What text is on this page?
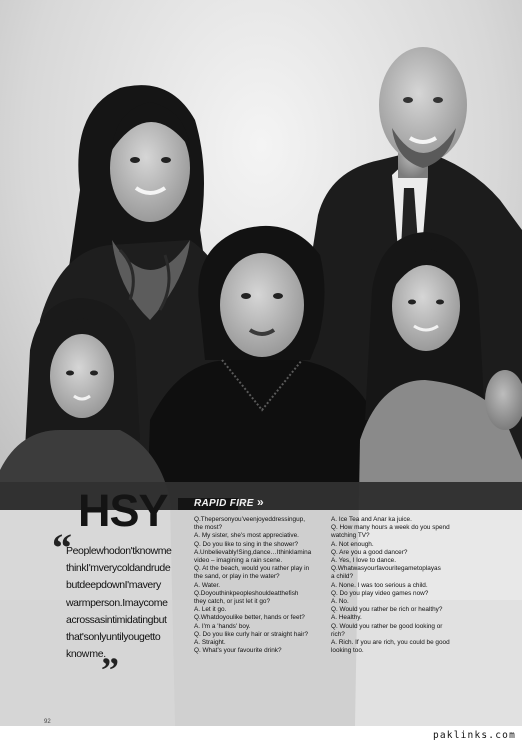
HSY	RAPID FIRE »
“
Peoplewhodon'tknowme
thinkI'mverycoldandrude
butdeepdownI'mavery
warmperson.Imaycome
acrossasintimidatingbut
that'sonlyuntilyougetto
know me.
”

Q.Thepersonyou'veenjoyeddressingup,

the most?

A. My sister, she's most appreciative.

Q. Do you like to sing in the shower?

A.Unbelievably!Sing,dance…IthinkIamina

video – imagining a rain scene.

Q. At the beach, would you rather play in

the sand, or play in the water?

A. Water.

Q.Doyouthinkpeopleshouldeatthefish

they catch, or just let it go?

A. Let it go.

Q.Whatdoyoulike better, hands or feet?

A. I'm a 'hands' boy.

Q. Do you like curly hair or straight hair?

A. Straight.

Q. What's your favourite drink?

A. Ice Tea and Anar ka juice.

Q. How many hours a week do you spend

watching TV?

A. Not enough.

Q. Are you a good dancer?

A. Yes, I love to dance.

Q.Whatwasyourfavouritegametoplayas

a child?

A. None. I was too serious a child.

Q. Do you play video games now?

A. No.

Q. Would you rather be rich or healthy?

A. Healthy.

Q. Would you rather be good looking or

rich?

A. Rich. If you are rich, you could be good

looking too.

92
paklinks.com
